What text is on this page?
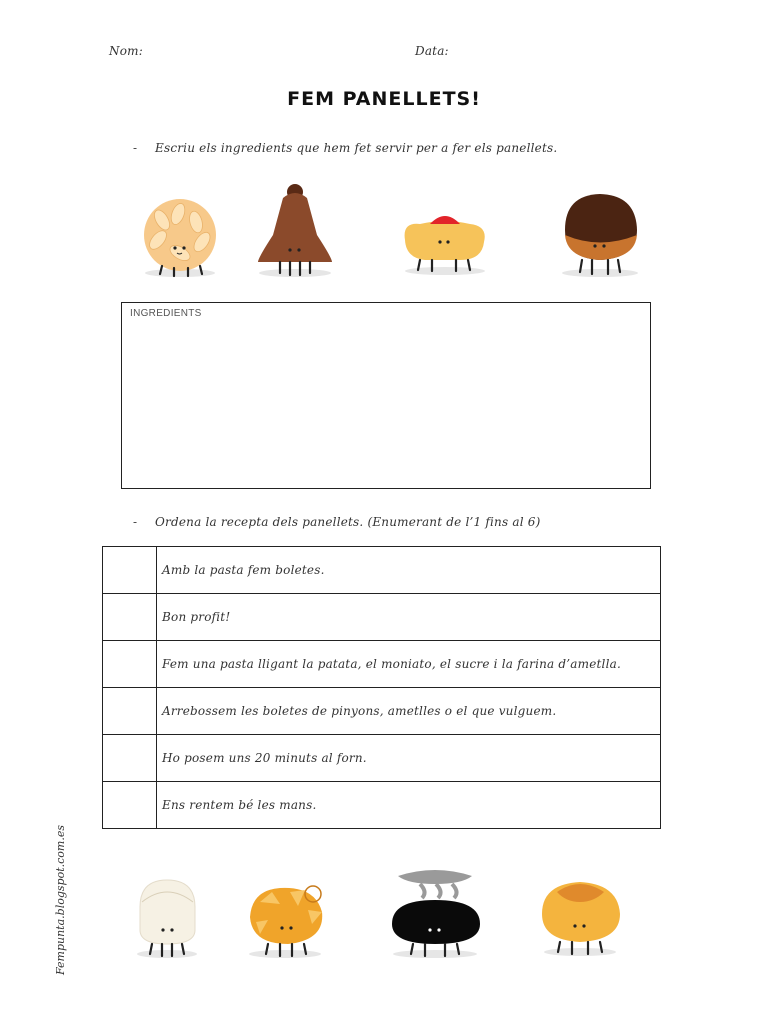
Nom:	Data:
FEM PANELLETS!
- Escriu els ingredients que hem fet servir per a fer els panellets.
INGREDIENTS
- Ordena la recepta dels panellets. (Enumerant de l’1 fins al 6)
	Amb la pasta fem boletes.
	Bon profit!
	Fem una pasta lligant la patata, el moniato, el sucre i la farina d’ametlla.
	Arrebossem les boletes de pinyons, ametlles o el que vulguem.
	Ho posem uns 20 minuts al forn.
	Ens rentem bé les mans.
Fempunta.blogspot.com.es
